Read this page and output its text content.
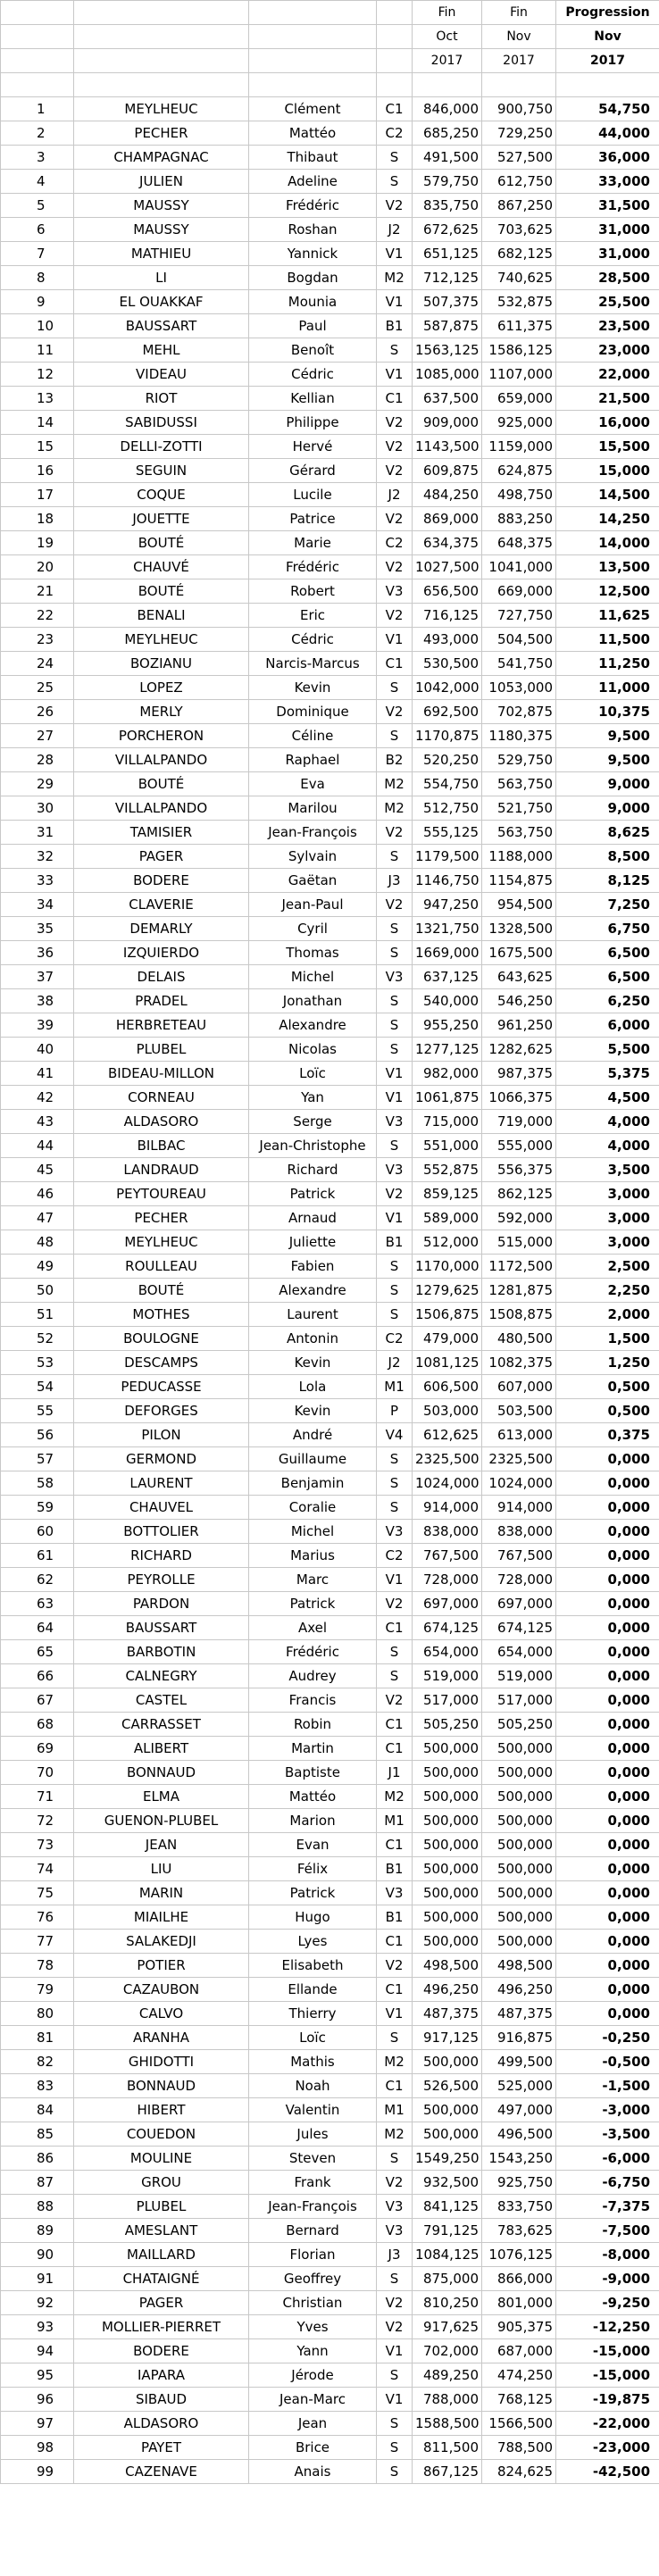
				Fin	Fin	Progression
				Oct	Nov	Nov
				2017	2017	2017

1	MEYLHEUC	Clément	C1	846,000	900,750	54,750
2	PECHER	Mattéo	C2	685,250	729,250	44,000
3	CHAMPAGNAC	Thibaut	S	491,500	527,500	36,000
4	JULIEN	Adeline	S	579,750	612,750	33,000
5	MAUSSY	Frédéric	V2	835,750	867,250	31,500
6	MAUSSY	Roshan	J2	672,625	703,625	31,000
7	MATHIEU	Yannick	V1	651,125	682,125	31,000
8	LI	Bogdan	M2	712,125	740,625	28,500
9	EL OUAKKAF	Mounia	V1	507,375	532,875	25,500
10	BAUSSART	Paul	B1	587,875	611,375	23,500
11	MEHL	Benoît	S	1563,125	1586,125	23,000
12	VIDEAU	Cédric	V1	1085,000	1107,000	22,000
13	RIOT	Kellian	C1	637,500	659,000	21,500
14	SABIDUSSI	Philippe	V2	909,000	925,000	16,000
15	DELLI-ZOTTI	Hervé	V2	1143,500	1159,000	15,500
16	SEGUIN	Gérard	V2	609,875	624,875	15,000
17	COQUE	Lucile	J2	484,250	498,750	14,500
18	JOUETTE	Patrice	V2	869,000	883,250	14,250
19	BOUTÉ	Marie	C2	634,375	648,375	14,000
20	CHAUVÉ	Frédéric	V2	1027,500	1041,000	13,500
21	BOUTÉ	Robert	V3	656,500	669,000	12,500
22	BENALI	Eric	V2	716,125	727,750	11,625
23	MEYLHEUC	Cédric	V1	493,000	504,500	11,500
24	BOZIANU	Narcis-Marcus	C1	530,500	541,750	11,250
25	LOPEZ	Kevin	S	1042,000	1053,000	11,000
26	MERLY	Dominique	V2	692,500	702,875	10,375
27	PORCHERON	Céline	S	1170,875	1180,375	9,500
28	VILLALPANDO	Raphael	B2	520,250	529,750	9,500
29	BOUTÉ	Eva	M2	554,750	563,750	9,000
30	VILLALPANDO	Marilou	M2	512,750	521,750	9,000
31	TAMISIER	Jean-François	V2	555,125	563,750	8,625
32	PAGER	Sylvain	S	1179,500	1188,000	8,500
33	BODERE	Gaëtan	J3	1146,750	1154,875	8,125
34	CLAVERIE	Jean-Paul	V2	947,250	954,500	7,250
35	DEMARLY	Cyril	S	1321,750	1328,500	6,750
36	IZQUIERDO	Thomas	S	1669,000	1675,500	6,500
37	DELAIS	Michel	V3	637,125	643,625	6,500
38	PRADEL	Jonathan	S	540,000	546,250	6,250
39	HERBRETEAU	Alexandre	S	955,250	961,250	6,000
40	PLUBEL	Nicolas	S	1277,125	1282,625	5,500
41	BIDEAU-MILLON	Loïc	V1	982,000	987,375	5,375
42	CORNEAU	Yan	V1	1061,875	1066,375	4,500
43	ALDASORO	Serge	V3	715,000	719,000	4,000
44	BILBAC	Jean-Christophe	S	551,000	555,000	4,000
45	LANDRAUD	Richard	V3	552,875	556,375	3,500
46	PEYTOUREAU	Patrick	V2	859,125	862,125	3,000
47	PECHER	Arnaud	V1	589,000	592,000	3,000
48	MEYLHEUC	Juliette	B1	512,000	515,000	3,000
49	ROULLEAU	Fabien	S	1170,000	1172,500	2,500
50	BOUTÉ	Alexandre	S	1279,625	1281,875	2,250
51	MOTHES	Laurent	S	1506,875	1508,875	2,000
52	BOULOGNE	Antonin	C2	479,000	480,500	1,500
53	DESCAMPS	Kevin	J2	1081,125	1082,375	1,250
54	PEDUCASSE	Lola	M1	606,500	607,000	0,500
55	DEFORGES	Kevin	P	503,000	503,500	0,500
56	PILON	André	V4	612,625	613,000	0,375
57	GERMOND	Guillaume	S	2325,500	2325,500	0,000
58	LAURENT	Benjamin	S	1024,000	1024,000	0,000
59	CHAUVEL	Coralie	S	914,000	914,000	0,000
60	BOTTOLIER	Michel	V3	838,000	838,000	0,000
61	RICHARD	Marius	C2	767,500	767,500	0,000
62	PEYROLLE	Marc	V1	728,000	728,000	0,000
63	PARDON	Patrick	V2	697,000	697,000	0,000
64	BAUSSART	Axel	C1	674,125	674,125	0,000
65	BARBOTIN	Frédéric	S	654,000	654,000	0,000
66	CALNEGRY	Audrey	S	519,000	519,000	0,000
67	CASTEL	Francis	V2	517,000	517,000	0,000
68	CARRASSET	Robin	C1	505,250	505,250	0,000
69	ALIBERT	Martin	C1	500,000	500,000	0,000
70	BONNAUD	Baptiste	J1	500,000	500,000	0,000
71	ELMA	Mattéo	M2	500,000	500,000	0,000
72	GUENON-PLUBEL	Marion	M1	500,000	500,000	0,000
73	JEAN	Evan	C1	500,000	500,000	0,000
74	LIU	Félix	B1	500,000	500,000	0,000
75	MARIN	Patrick	V3	500,000	500,000	0,000
76	MIAILHE	Hugo	B1	500,000	500,000	0,000
77	SALAKEDJI	Lyes	C1	500,000	500,000	0,000
78	POTIER	Elisabeth	V2	498,500	498,500	0,000
79	CAZAUBON	Ellande	C1	496,250	496,250	0,000
80	CALVO	Thierry	V1	487,375	487,375	0,000
81	ARANHA	Loïc	S	917,125	916,875	-0,250
82	GHIDOTTI	Mathis	M2	500,000	499,500	-0,500
83	BONNAUD	Noah	C1	526,500	525,000	-1,500
84	HIBERT	Valentin	M1	500,000	497,000	-3,000
85	COUEDON	Jules	M2	500,000	496,500	-3,500
86	MOULINE	Steven	S	1549,250	1543,250	-6,000
87	GROU	Frank	V2	932,500	925,750	-6,750
88	PLUBEL	Jean-François	V3	841,125	833,750	-7,375
89	AMESLANT	Bernard	V3	791,125	783,625	-7,500
90	MAILLARD	Florian	J3	1084,125	1076,125	-8,000
91	CHATAIGNÉ	Geoffrey	S	875,000	866,000	-9,000
92	PAGER	Christian	V2	810,250	801,000	-9,250
93	MOLLIER-PIERRET	Yves	V2	917,625	905,375	-12,250
94	BODERE	Yann	V1	702,000	687,000	-15,000
95	IAPARA	Jérode	S	489,250	474,250	-15,000
96	SIBAUD	Jean-Marc	V1	788,000	768,125	-19,875
97	ALDASORO	Jean	S	1588,500	1566,500	-22,000
98	PAYET	Brice	S	811,500	788,500	-23,000
99	CAZENAVE	Anais	S	867,125	824,625	-42,500
